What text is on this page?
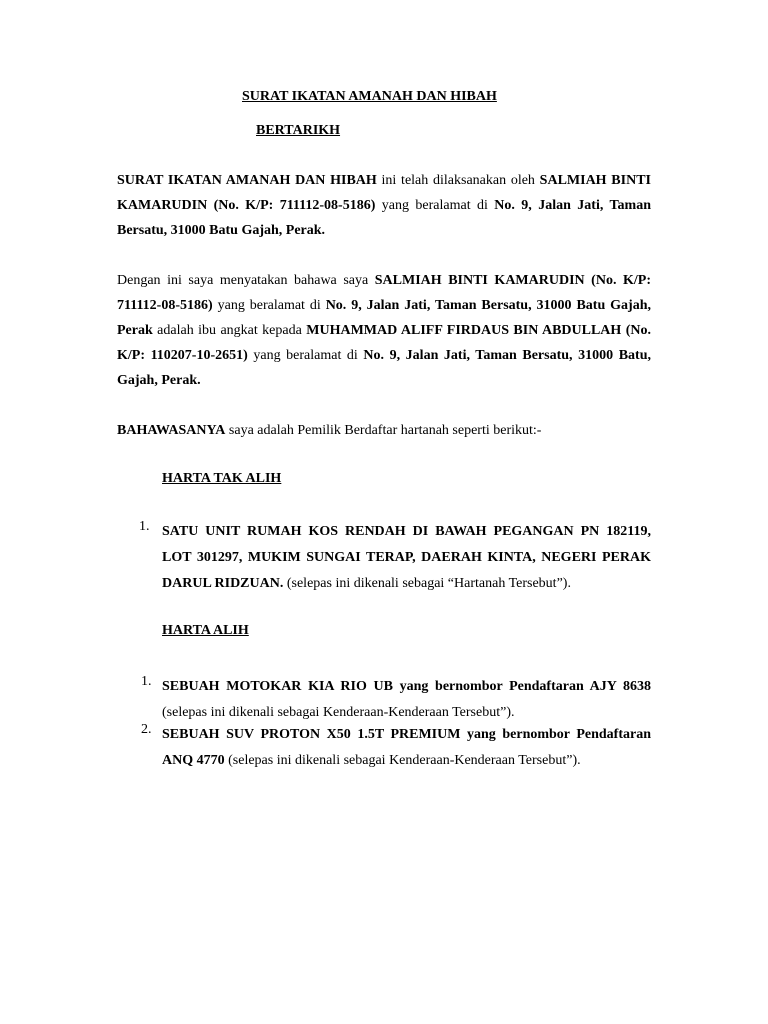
SURAT IKATAN AMANAH DAN HIBAH
BERTARIKH

SURAT IKATAN AMANAH DAN HIBAH ini telah dilaksanakan oleh SALMIAH BINTI KAMARUDIN (No. K/P: 711112-08-5186) yang beralamat di No. 9, Jalan Jati, Taman Bersatu, 31000 Batu Gajah, Perak.

Dengan ini saya menyatakan bahawa saya SALMIAH BINTI KAMARUDIN (No. K/P: 711112-08-5186) yang beralamat di No. 9, Jalan Jati, Taman Bersatu, 31000 Batu Gajah, Perak adalah ibu angkat kepada MUHAMMAD ALIFF FIRDAUS BIN ABDULLAH (No. K/P: 110207-10-2651) yang beralamat di No. 9, Jalan Jati, Taman Bersatu, 31000 Batu, Gajah, Perak.

BAHAWASANYA saya adalah Pemilik Berdaftar hartanah seperti berikut:-

HARTA TAK ALIH
1. SATU UNIT RUMAH KOS RENDAH DI BAWAH PEGANGAN PN 182119, LOT 301297, MUKIM SUNGAI TERAP, DAERAH KINTA, NEGERI PERAK DARUL RIDZUAN. (selepas ini dikenali sebagai “Hartanah Tersebut”).

HARTA ALIH
1. SEBUAH MOTOKAR KIA RIO UB yang bernombor Pendaftaran AJY 8638 (selepas ini dikenali sebagai Kenderaan-Kenderaan Tersebut”).

2. SEBUAH SUV PROTON X50 1.5T PREMIUM yang bernombor Pendaftaran ANQ 4770 (selepas ini dikenali sebagai Kenderaan-Kenderaan Tersebut”).
